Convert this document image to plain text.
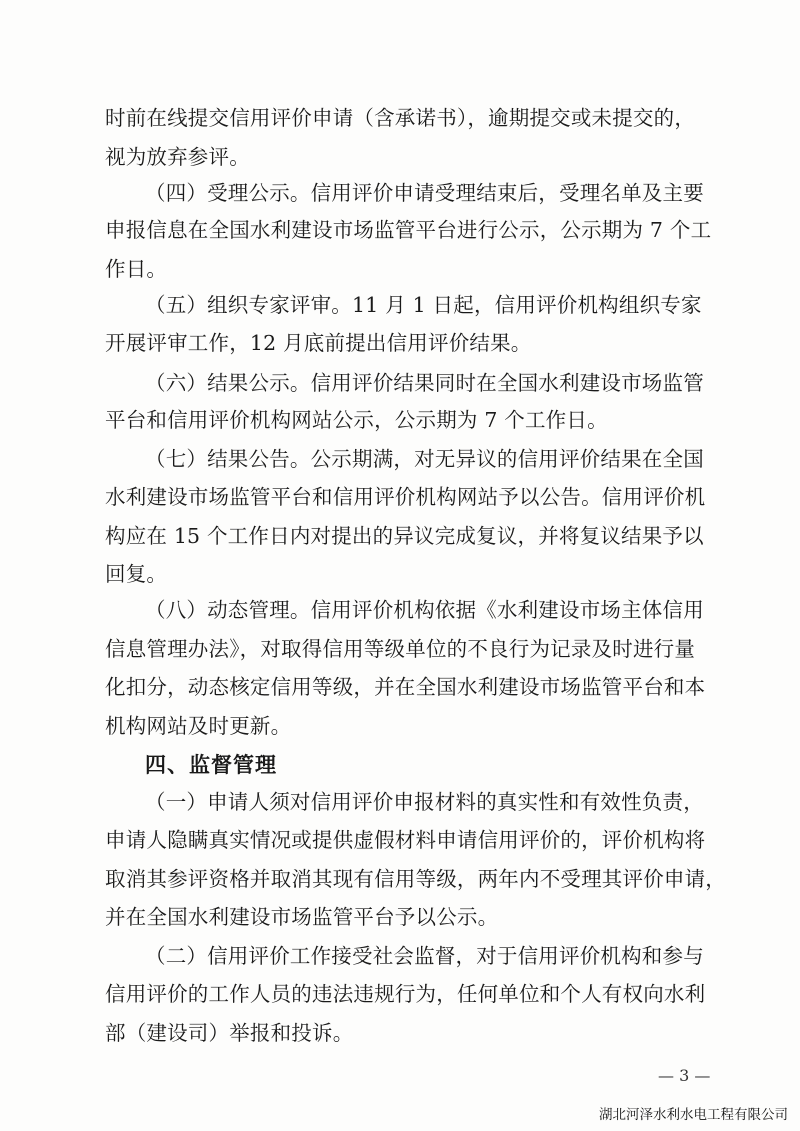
时前在线提交信用评价申请（含承诺书），逾期提交或未提交的，
视为放弃参评。
（四）受理公示。信用评价申请受理结束后，受理名单及主要
申报信息在全国水利建设市场监管平台进行公示，公示期为 7 个工
作日。
（五）组织专家评审。11 月 1 日起，信用评价机构组织专家
开展评审工作，12 月底前提出信用评价结果。
（六）结果公示。信用评价结果同时在全国水利建设市场监管
平台和信用评价机构网站公示，公示期为 7 个工作日。
（七）结果公告。公示期满，对无异议的信用评价结果在全国
水利建设市场监管平台和信用评价机构网站予以公告。信用评价机
构应在 15 个工作日内对提出的异议完成复议，并将复议结果予以
回复。
（八）动态管理。信用评价机构依据《水利建设市场主体信用
信息管理办法》，对取得信用等级单位的不良行为记录及时进行量
化扣分，动态核定信用等级，并在全国水利建设市场监管平台和本
机构网站及时更新。
四、监督管理
（一）申请人须对信用评价申报材料的真实性和有效性负责，
申请人隐瞒真实情况或提供虚假材料申请信用评价的，评价机构将
取消其参评资格并取消其现有信用等级，两年内不受理其评价申请，
并在全国水利建设市场监管平台予以公示。
（二）信用评价工作接受社会监督，对于信用评价机构和参与
信用评价的工作人员的违法违规行为，任何单位和个人有权向水利
部（建设司）举报和投诉。
— 3 —
湖北河泽水利水电工程有限公司
